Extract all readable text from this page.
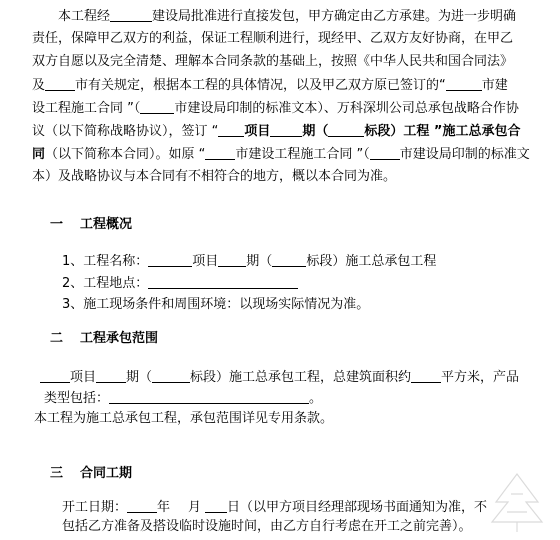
本工程经	建设局批准进行直接发包，甲方确定由乙方承建。为进一步明确
责任，保障甲乙双方的利益，保证工程顺利进行，现经甲、乙双方友好协商，在甲乙
双方自愿以及完全清楚、理解本合同条款的基础上，按照《中华人民共和国合同法》
及 市有关规定，根据本工程的具体情况，以及甲乙双方原已签订的“	市建
设工程施工合同 ”（	市建设局印制的标准文本）、万科深圳公司总承包战略合作协
议（以下简称战略协议），签订 “ 项目 期（	标段）工程 ”施工总承包合
同（以下简称本合同）。如原 “ 市建设工程施工合同 ”（ 市建设局印制的标准文
本）及战略协议与本合同有不相符合的地方，概以本合同为准。
一 工程概况
1、工程名称：	项目 期（	标段）施工总承包工程
2、工程地点：
3、施工现场条件和周围环境：以现场实际情况为准。
二 工程承包范围
项目 期（	标段）施工总承包工程，总建筑面积约 平方米，产品
类型包括：	。
本工程为施工总承包工程，承包范围详见专用条款。
三 合同工期
开工日期： 年 月 日（以甲方项目经理部现场书面通知为准，不
包括乙方准备及搭设临时设施时间，由乙方自行考虑在开工之前完善）。
